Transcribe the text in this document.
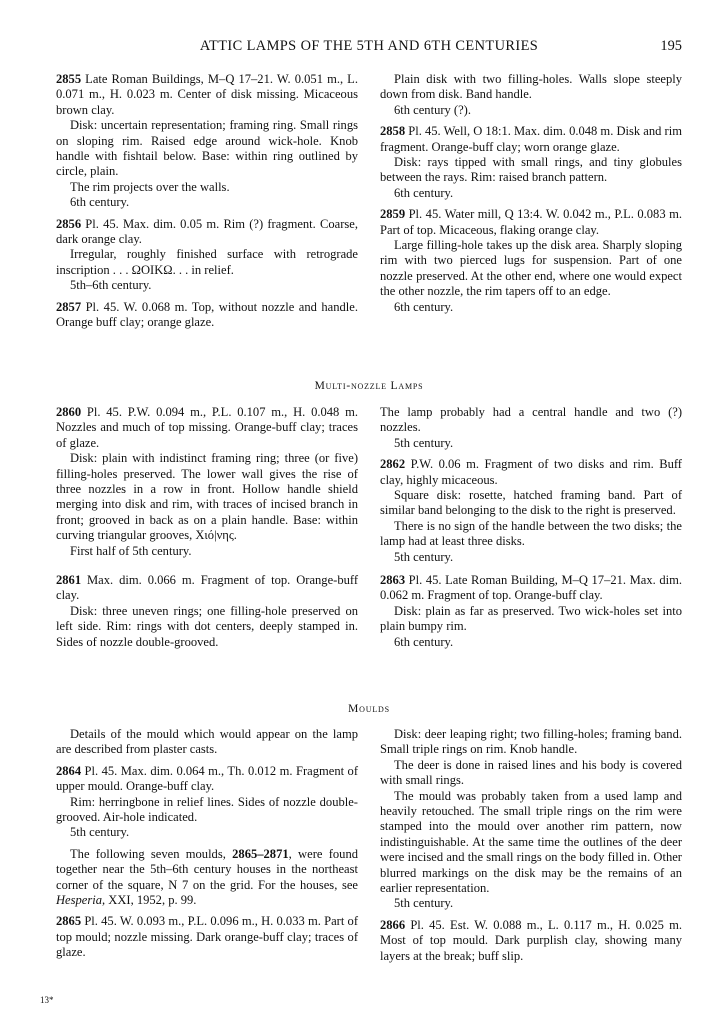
ATTIC LAMPS OF THE 5TH AND 6TH CENTURIES	195

2855 Late Roman Buildings, M–Q 17–21. W. 0.051 m., L. 0.071 m., H. 0.023 m. Center of disk missing. Micaceous brown clay.

Disk: uncertain representation; framing ring. Small rings on sloping rim. Raised edge around wick-hole. Knob handle with fishtail below. Base: within ring outlined by circle, plain.

The rim projects over the walls.

6th century.

2856 Pl. 45. Max. dim. 0.05 m. Rim (?) fragment. Coarse, dark orange clay.

Irregular, roughly finished surface with retrograde inscription . . . ΩOIKΩ. . . in relief.

5th–6th century.

2857 Pl. 45. W. 0.068 m. Top, without nozzle and handle. Orange buff clay; orange glaze.

Plain disk with two filling-holes. Walls slope steeply down from disk. Band handle.

6th century (?).

2858 Pl. 45. Well, O 18:1. Max. dim. 0.048 m. Disk and rim fragment. Orange-buff clay; worn orange glaze.

Disk: rays tipped with small rings, and tiny globules between the rays. Rim: raised branch pattern.

6th century.

2859 Pl. 45. Water mill, Q 13:4. W. 0.042 m., P.L. 0.083 m. Part of top. Micaceous, flaking orange clay.

Large filling-hole takes up the disk area. Sharply sloping rim with two pierced lugs for suspension. Part of one nozzle preserved. At the other end, where one would expect the other nozzle, the rim tapers off to an edge.

6th century.

Multi-nozzle Lamps

2860 Pl. 45. P.W. 0.094 m., P.L. 0.107 m., H. 0.048 m. Nozzles and much of top missing. Orange-buff clay; traces of glaze.

Disk: plain with indistinct framing ring; three (or five) filling-holes preserved. The lower wall gives the rise of three nozzles in a row in front. Hollow handle shield merging into disk and rim, with traces of incised branch in front; grooved in back as on a plain handle. Base: within curving triangular grooves, Χιό|νης.

First half of 5th century.

2861 Max. dim. 0.066 m. Fragment of top. Orange-buff clay.

Disk: three uneven rings; one filling-hole preserved on left side. Rim: rings with dot centers, deeply stamped in. Sides of nozzle double-grooved.

The lamp probably had a central handle and two (?) nozzles.

5th century.

2862 P.W. 0.06 m. Fragment of two disks and rim. Buff clay, highly micaceous.

Square disk: rosette, hatched framing band. Part of similar band belonging to the disk to the right is preserved.

There is no sign of the handle between the two disks; the lamp had at least three disks.

5th century.

2863 Pl. 45. Late Roman Building, M–Q 17–21. Max. dim. 0.062 m. Fragment of top. Orange-buff clay.

Disk: plain as far as preserved. Two wick-holes set into plain bumpy rim.

6th century.

Moulds

Details of the mould which would appear on the lamp are described from plaster casts.

2864 Pl. 45. Max. dim. 0.064 m., Th. 0.012 m. Fragment of upper mould. Orange-buff clay.

Rim: herringbone in relief lines. Sides of nozzle double-grooved. Air-hole indicated.

5th century.

The following seven moulds, 2865–2871, were found together near the 5th–6th century houses in the northeast corner of the square, N 7 on the grid. For the houses, see Hesperia, XXI, 1952, p. 99.

2865 Pl. 45. W. 0.093 m., P.L. 0.096 m., H. 0.033 m. Part of top mould; nozzle missing. Dark orange-buff clay; traces of glaze.

Disk: deer leaping right; two filling-holes; framing band. Small triple rings on rim. Knob handle.

The deer is done in raised lines and his body is covered with small rings.

The mould was probably taken from a used lamp and heavily retouched. The small triple rings on the rim were stamped into the mould over another rim pattern, now indistinguishable. At the same time the outlines of the deer were incised and the small rings on the body filled in. Other blurred markings on the disk may be the remains of an earlier representation.

5th century.

2866 Pl. 45. Est. W. 0.088 m., L. 0.117 m., H. 0.025 m. Most of top mould. Dark purplish clay, showing many layers at the break; buff slip.

13*
